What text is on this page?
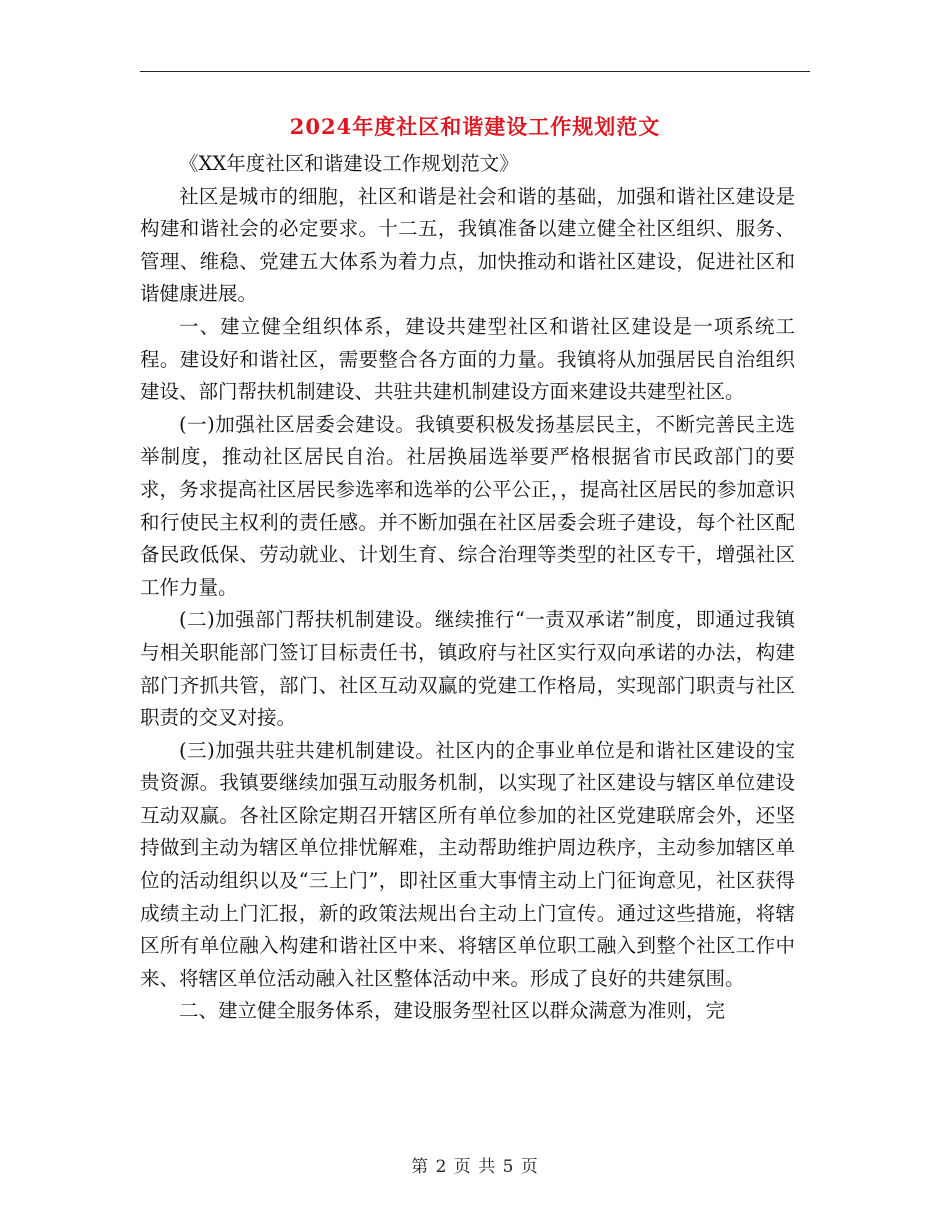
2024年度社区和谐建设工作规划范文

《XX年度社区和谐建设工作规划范文》

社区是城市的细胞，社区和谐是社会和谐的基础，加强和谐社区建设是构建和谐社会的必定要求。十二五，我镇准备以建立健全社区组织、服务、管理、维稳、党建五大体系为着力点，加快推动和谐社区建设，促进社区和谐健康进展。

一、建立健全组织体系，建设共建型社区和谐社区建设是一项系统工程。建设好和谐社区，需要整合各方面的力量。我镇将从加强居民自治组织建设、部门帮扶机制建设、共驻共建机制建设方面来建设共建型社区。

(一)加强社区居委会建设。我镇要积极发扬基层民主，不断完善民主选举制度，推动社区居民自治。社居换届选举要严格根据省市民政部门的要求，务求提高社区居民参选率和选举的公平公正，，提高社区居民的参加意识和行使民主权利的责任感。并不断加强在社区居委会班子建设，每个社区配备民政低保、劳动就业、计划生育、综合治理等类型的社区专干，增强社区工作力量。

(二)加强部门帮扶机制建设。继续推行“一责双承诺”制度，即通过我镇与相关职能部门签订目标责任书，镇政府与社区实行双向承诺的办法，构建部门齐抓共管，部门、社区互动双赢的党建工作格局，实现部门职责与社区职责的交叉对接。

(三)加强共驻共建机制建设。社区内的企事业单位是和谐社区建设的宝贵资源。我镇要继续加强互动服务机制，以实现了社区建设与辖区单位建设互动双赢。各社区除定期召开辖区所有单位参加的社区党建联席会外，还坚持做到主动为辖区单位排忧解难，主动帮助维护周边秩序，主动参加辖区单位的活动组织以及“三上门”，即社区重大事情主动上门征询意见，社区获得成绩主动上门汇报，新的政策法规出台主动上门宣传。通过这些措施，将辖区所有单位融入构建和谐社区中来、将辖区单位职工融入到整个社区工作中来、将辖区单位活动融入社区整体活动中来。形成了良好的共建氛围。

二、建立健全服务体系，建设服务型社区以群众满意为准则，完

第 2 页 共 5 页
